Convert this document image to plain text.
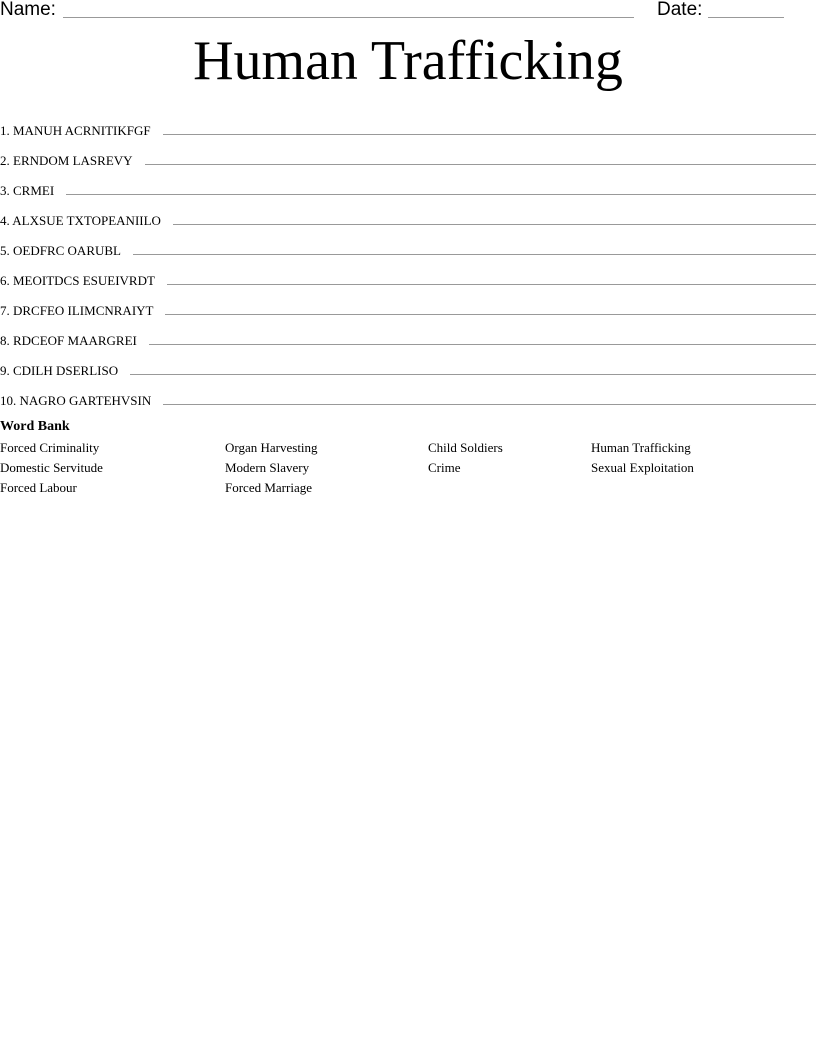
Name:	Date:
Human Trafficking
1. MANUH ACRNITIKFGF
2. ERNDOM LASREVY
3. CRMEI
4. ALXSUE TXTOPEANIILO
5. OEDFRC OARUBL
6. MEOITDCS ESUEIVRDT
7. DRCFEO ILIMCNRAIYT
8. RDCEOF MAARGREI
9. CDILH DSERLISO
10. NAGRO GARTEHVSIN
Word Bank
Forced Criminality
Domestic Servitude
Forced Labour
Organ Harvesting
Modern Slavery
Forced Marriage
Child Soldiers
Crime
Human Trafficking
Sexual Exploitation
